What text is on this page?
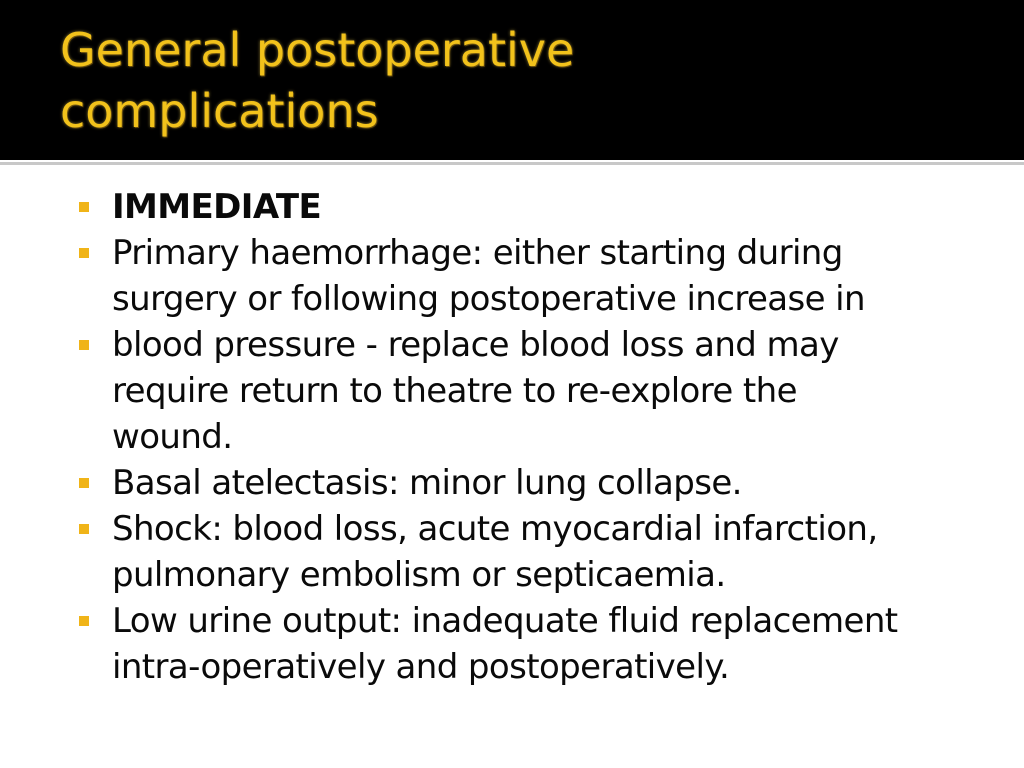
General postoperative
complications
IMMEDIATE
Primary haemorrhage: either starting during
surgery or following postoperative increase in
blood pressure - replace blood loss and may
require return to theatre to re-explore the
wound.
Basal atelectasis: minor lung collapse.
Shock: blood loss, acute myocardial infarction,
pulmonary embolism or septicaemia.
Low urine output: inadequate fluid replacement
intra-operatively and postoperatively.
